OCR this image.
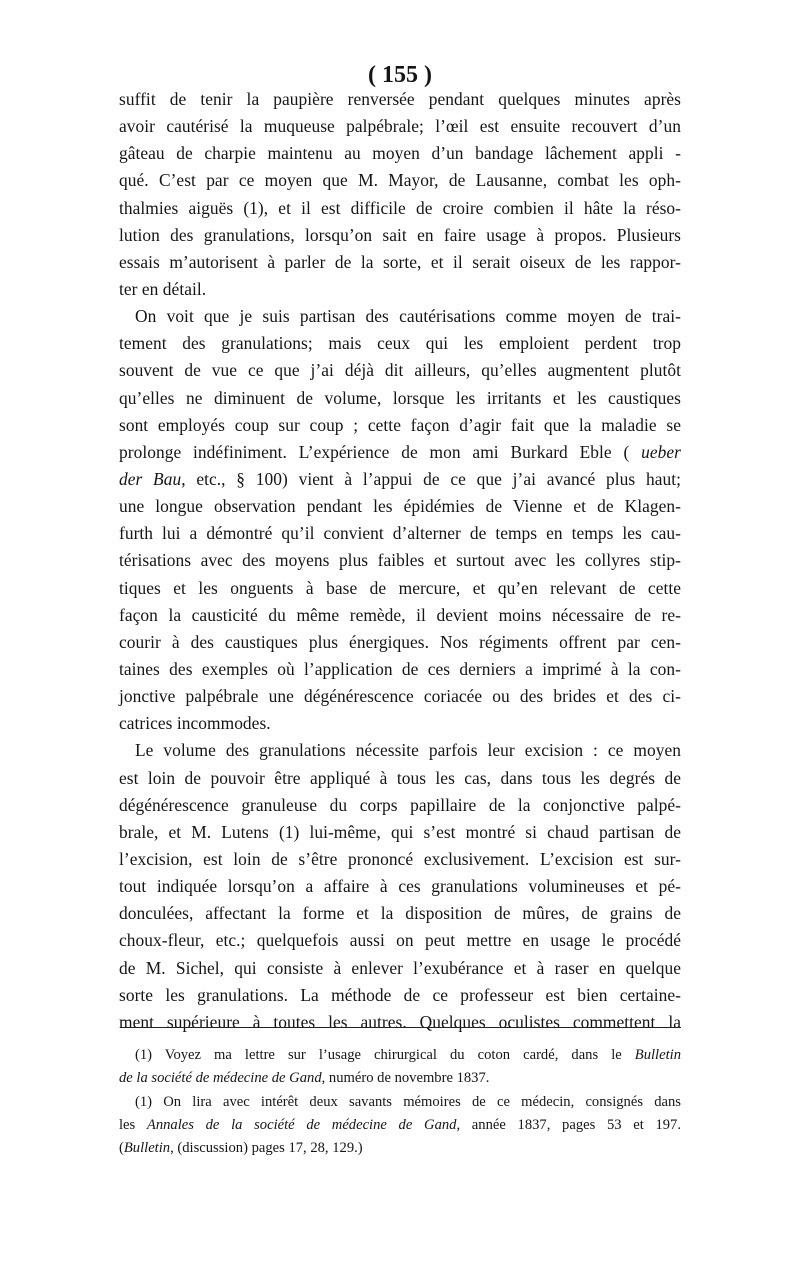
( 155 )
suffit de tenir la paupière renversée pendant quelques minutes après
avoir cautérisé la muqueuse palpébrale; l’œil est ensuite recouvert d’un
gâteau de charpie maintenu au moyen d’un bandage lâchement appli -
qué. C’est par ce moyen que M. Mayor, de Lausanne, combat les oph-
thalmies aiguës (1), et il est difficile de croire combien il hâte la réso-
lution des granulations, lorsqu’on sait en faire usage à propos. Plusieurs
essais m’autorisent à parler de la sorte, et il serait oiseux de les rappor-
ter en détail.
On voit que je suis partisan des cautérisations comme moyen de trai-
tement des granulations; mais ceux qui les emploient perdent trop
souvent de vue ce que j’ai déjà dit ailleurs, qu’elles augmentent plutôt
qu’elles ne diminuent de volume, lorsque les irritants et les caustiques
sont employés coup sur coup ; cette façon d’agir fait que la maladie se
prolonge indéfiniment. L’expérience de mon ami Burkard Eble ( ueber
der Bau, etc., § 100) vient à l’appui de ce que j’ai avancé plus haut;
une longue observation pendant les épidémies de Vienne et de Klagen-
furth lui a démontré qu’il convient d’alterner de temps en temps les cau-
térisations avec des moyens plus faibles et surtout avec les collyres stip-
tiques et les onguents à base de mercure, et qu’en relevant de cette
façon la causticité du même remède, il devient moins nécessaire de re-
courir à des caustiques plus énergiques. Nos régiments offrent par cen-
taines des exemples où l’application de ces derniers a imprimé à la con-
jonctive palpébrale une dégénérescence coriacée ou des brides et des ci-
catrices incommodes.
Le volume des granulations nécessite parfois leur excision : ce moyen
est loin de pouvoir être appliqué à tous les cas, dans tous les degrés de
dégénérescence granuleuse du corps papillaire de la conjonctive palpé-
brale, et M. Lutens (1) lui-même, qui s’est montré si chaud partisan de
l’excision, est loin de s’être prononcé exclusivement. L’excision est sur-
tout indiquée lorsqu’on a affaire à ces granulations volumineuses et pé-
donculées, affectant la forme et la disposition de mûres, de grains de
choux-fleur, etc.; quelquefois aussi on peut mettre en usage le procédé
de M. Sichel, qui consiste à enlever l’exubérance et à raser en quelque
sorte les granulations. La méthode de ce professeur est bien certaine-
ment supérieure à toutes les autres. Quelques oculistes commettent la
(1) Voyez ma lettre sur l’usage chirurgical du coton cardé, dans le Bulletin
de la société de médecine de Gand, numéro de novembre 1837.
(1) On lira avec intérêt deux savants mémoires de ce médecin, consignés dans
les Annales de la société de médecine de Gand, année 1837, pages 53 et 197.
(Bulletin, (discussion) pages 17, 28, 129.)
